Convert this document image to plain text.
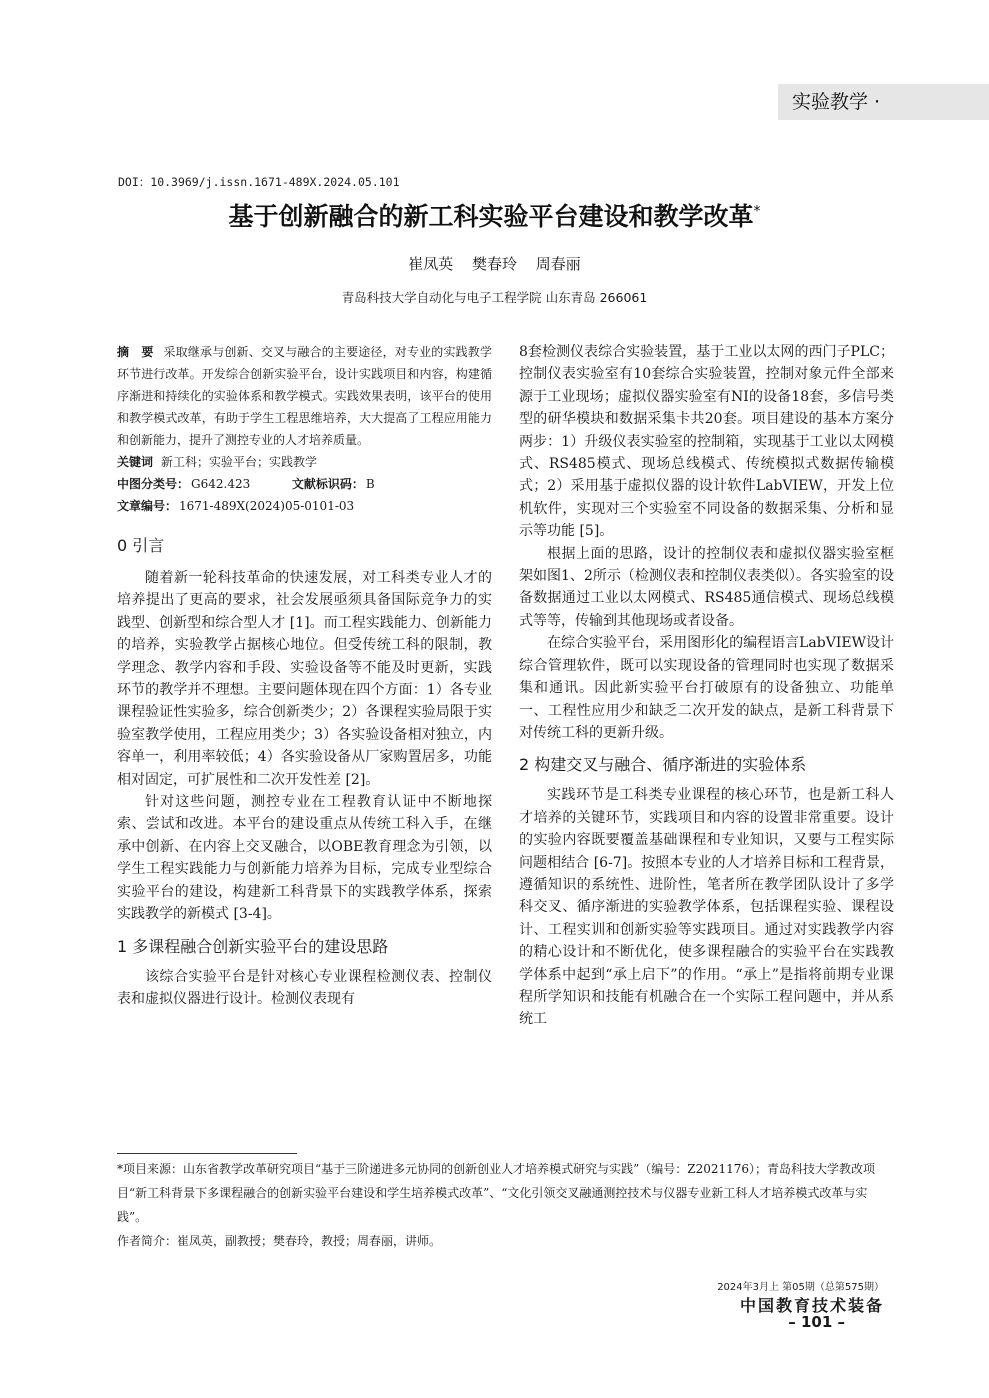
实验教学 ·
DOI：10.3969/j.issn.1671-489X.2024.05.101
基于创新融合的新工科实验平台建设和教学改革*
崔凤英 樊春玲 周春丽
青岛科技大学自动化与电子工程学院 山东青岛 266061
摘　要 采取继承与创新、交叉与融合的主要途径，对专业的实践教学环节进行改革。开发综合创新实验平台，设计实践项目和内容，构建循序渐进和持续化的实验体系和教学模式。实践效果表明，该平台的使用和教学模式改革，有助于学生工程思维培养，大大提高了工程应用能力和创新能力，提升了测控专业的人才培养质量。
关键词 新工科；实验平台；实践教学
中图分类号： G642.423	文献标识码： B
文章编号： 1671-489X(2024)05-0101-03
0 引言

随着新一轮科技革命的快速发展，对工科类专业人才的培养提出了更高的要求，社会发展亟须具备国际竞争力的实践型、创新型和综合型人才 [1]。而工程实践能力、创新能力的培养，实验教学占据核心地位。但受传统工科的限制，教学理念、教学内容和手段、实验设备等不能及时更新，实践环节的教学并不理想。主要问题体现在四个方面：1）各专业课程验证性实验多，综合创新类少；2）各课程实验局限于实验室教学使用，工程应用类少；3）各实验设备相对独立，内容单一，利用率较低；4）各实验设备从厂家购置居多，功能相对固定，可扩展性和二次开发性差 [2]。

针对这些问题，测控专业在工程教育认证中不断地探索、尝试和改进。本平台的建设重点从传统工科入手，在继承中创新、在内容上交叉融合，以OBE教育理念为引领，以学生工程实践能力与创新能力培养为目标，完成专业型综合实验平台的建设，构建新工科背景下的实践教学体系，探索实践教学的新模式 [3-4]。

1 多课程融合创新实验平台的建设思路

该综合实验平台是针对核心专业课程检测仪表、控制仪表和虚拟仪器进行设计。检测仪表现有

8套检测仪表综合实验装置，基于工业以太网的西门子PLC；控制仪表实验室有10套综合实验装置，控制对象元件全部来源于工业现场；虚拟仪器实验室有NI的设备18套，多信号类型的研华模块和数据采集卡共20套。项目建设的基本方案分两步：1）升级仪表实验室的控制箱，实现基于工业以太网模式、RS485模式、现场总线模式、传统模拟式数据传输模式；2）采用基于虚拟仪器的设计软件LabVIEW，开发上位机软件，实现对三个实验室不同设备的数据采集、分析和显示等功能 [5]。

根据上面的思路，设计的控制仪表和虚拟仪器实验室框架如图1、2所示（检测仪表和控制仪表类似）。各实验室的设备数据通过工业以太网模式、RS485通信模式、现场总线模式等等，传输到其他现场或者设备。

在综合实验平台，采用图形化的编程语言LabVIEW设计综合管理软件，既可以实现设备的管理同时也实现了数据采集和通讯。因此新实验平台打破原有的设备独立、功能单一、工程性应用少和缺乏二次开发的缺点，是新工科背景下对传统工科的更新升级。

2 构建交叉与融合、循序渐进的实验体系

实践环节是工科类专业课程的核心环节，也是新工科人才培养的关键环节，实践项目和内容的设置非常重要。设计的实验内容既要覆盖基础课程和专业知识，又要与工程实际问题相结合 [6-7]。按照本专业的人才培养目标和工程背景，遵循知识的系统性、进阶性，笔者所在教学团队设计了多学科交叉、循序渐进的实验教学体系，包括课程实验、课程设计、工程实训和创新实验等实践项目。通过对实践教学内容的精心设计和不断优化，使多课程融合的实验平台在实践教学体系中起到“承上启下”的作用。“承上”是指将前期专业课程所学知识和技能有机融合在一个实际工程问题中，并从系统工

*项目来源：山东省教学改革研究项目“基于三阶递进多元协同的创新创业人才培养模式研究与实践”（编号：Z2021176）；青岛科技大学教改项目“新工科背景下多课程融合的创新实验平台建设和学生培养模式改革”、“文化引领交叉融通测控技术与仪器专业新工科人才培养模式改革与实践”。

作者简介：崔凤英，副教授；樊春玲，教授；周春丽，讲师。

2024年3月上 第05期（总第575期）
中国教育技术装备
– 101 –
